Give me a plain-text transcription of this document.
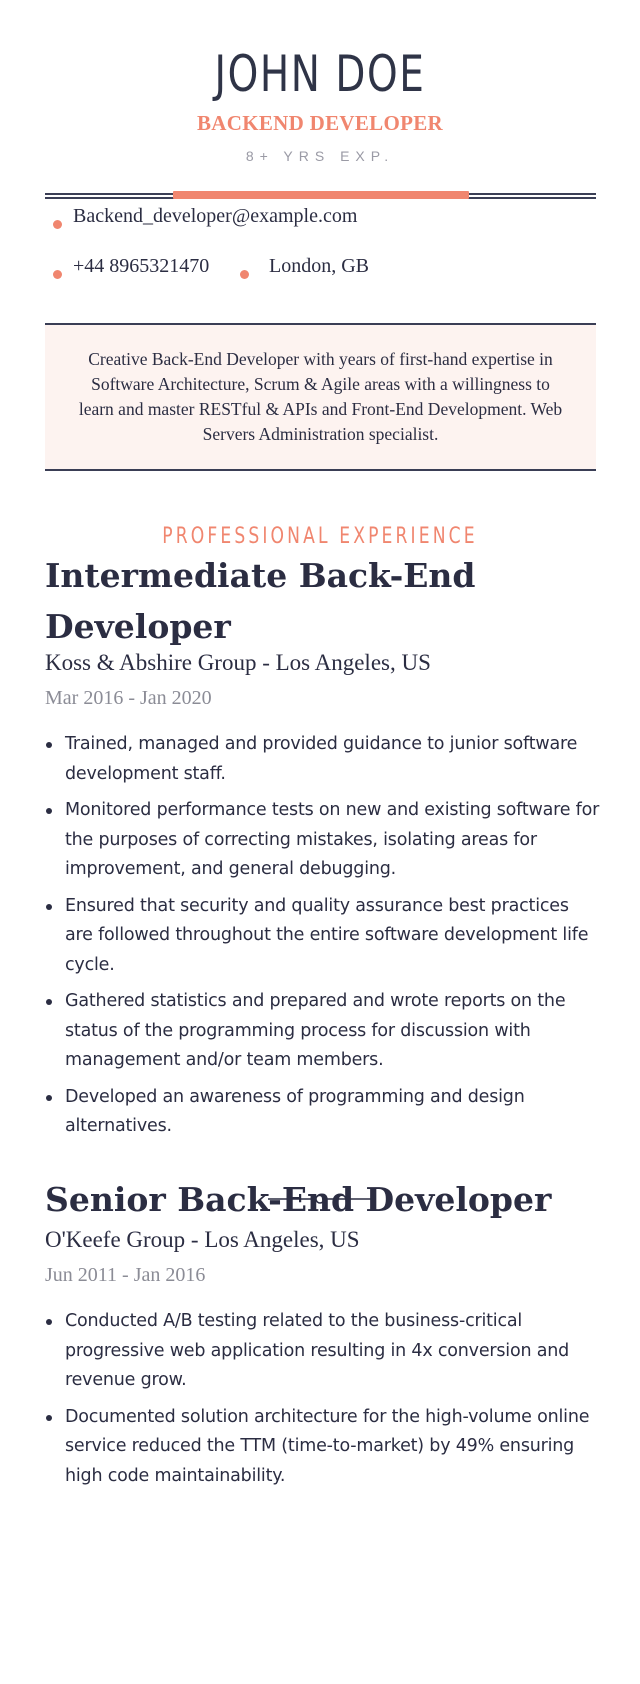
JOHN DOE
BACKEND DEVELOPER
8+ YRS EXP.
Backend_developer@example.com
+44 8965321470	London, GB

Creative Back-End Developer with years of first-hand expertise in Software Architecture, Scrum & Agile areas with a willingness to learn and master RESTful & APIs and Front-End Development. Web Servers Administration specialist.

PROFESSIONAL EXPERIENCE
Intermediate Back-End Developer
Koss & Abshire Group - Los Angeles, US
Mar 2016 - Jan 2020
Trained, managed and provided guidance to junior software development staff.
Monitored performance tests on new and existing software for the purposes of correcting mistakes, isolating areas for improvement, and general debugging.
Ensured that security and quality assurance best practices are followed throughout the entire software development life cycle.
Gathered statistics and prepared and wrote reports on the status of the programming process for discussion with management and/or team members.
Developed an awareness of programming and design alternatives.
Senior Back-End Developer
O'Keefe Group - Los Angeles, US
Jun 2011 - Jan 2016
Conducted A/B testing related to the business-critical progressive web application resulting in 4x conversion and revenue grow.
Documented solution architecture for the high-volume online service reduced the TTM (time-to-market) by 49% ensuring high code maintainability.
